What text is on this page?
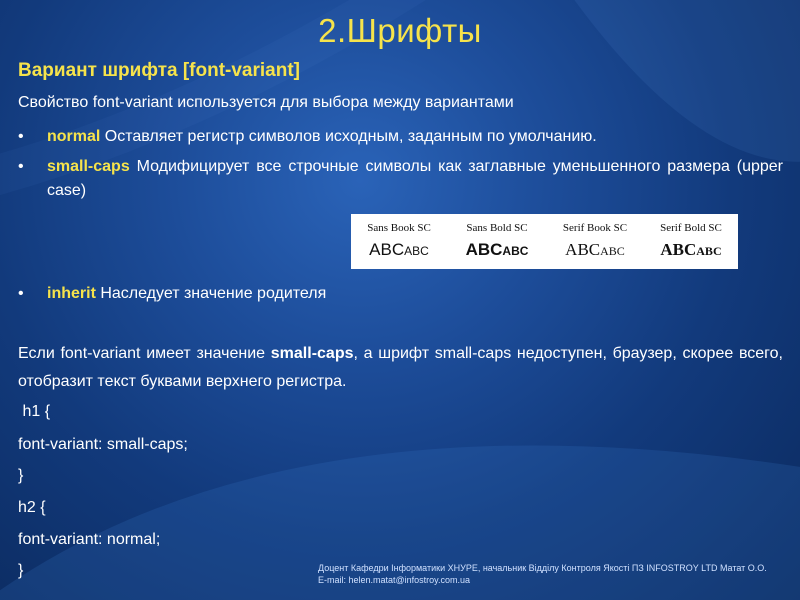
2.Шрифты
Вариант шрифта [font-variant]
Свойство font-variant используется для выбора между вариантами
• normal Оставляет регистр символов исходным, заданным по умолчанию.
• small-caps Модифицирует все строчные символы как заглавные уменьшенного размера (upper case)
Sans Book SC
ABCabc
Sans Bold SC
ABCabc
Serif Book SC
ABCabc
Serif Bold SC
ABCabc
• inherit Наследует значение родителя
Если font-variant имеет значение small-caps, а шрифт small-caps недоступен, браузер, скорее всего, отобразит текст буквами верхнего регистра.
h1 {
font-variant: small-caps;
}
h2 {
font-variant: normal;
}	Доцент Кафедри Інформатики ХНУРЕ, начальник Відділу Контроля Якості ПЗ INFOSTROY LTD Матат О.О.
E-mail: helen.matat@infostroy.com.ua
